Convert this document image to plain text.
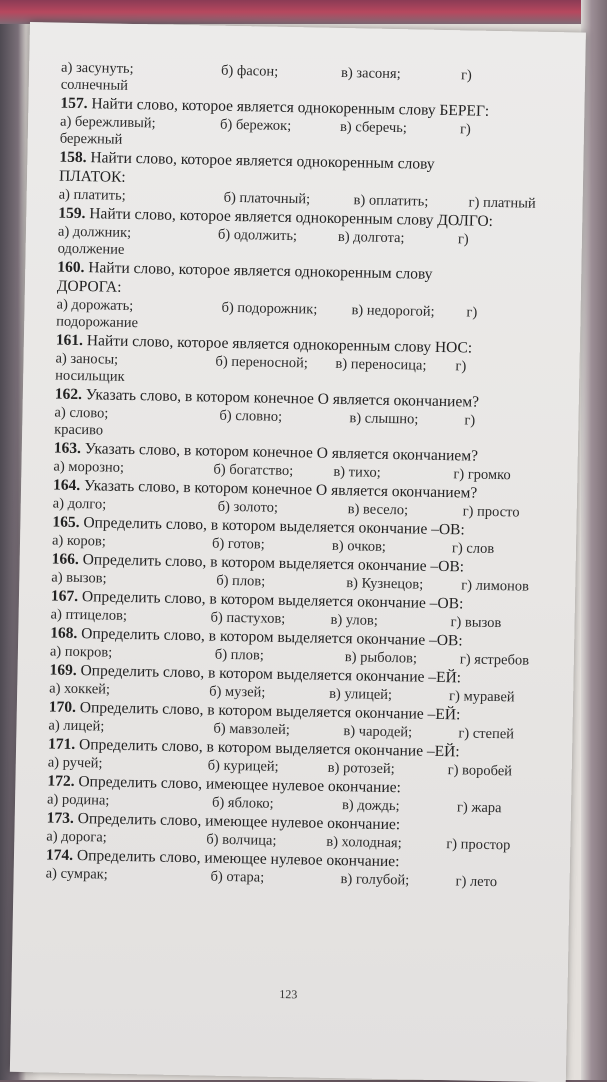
а) засунуть;	б) фасон;	в) засоня;	г)
солнечный
157. Найти слово, которое является однокоренным слову БЕРЕГ:
а) бережливый;	б) бережок;	в) сберечь;	г)
бережный
158. Найти слово, которое является однокоренным слову
ПЛАТОК:
а) платить;	б) платочный;	в) оплатить;	г) платный
159. Найти слово, которое является однокоренным слову ДОЛГО:
а) должник;	б) одолжить;	в) долгота;	г)
одолжение
160. Найти слово, которое является однокоренным слову
ДОРОГА:
а) дорожать;	б) подорожник; в) недорогой; г)
подорожание
161. Найти слово, которое является однокоренным слову НОС:
а) заносы;	б) переносной; в) переносица; г)
носильщик
162. Указать слово, в котором конечное О является окончанием?
а) слово;	б) словно;	в) слышно;	г)
красиво
163. Указать слово, в котором конечное О является окончанием?
а) морозно;	б) богатство;	в) тихо;	г) громко
164. Указать слово, в котором конечное О является окончанием?
а) долго;	б) золото;	в) весело;	г) просто
165. Определить слово, в котором выделяется окончание –ОВ:
а) коров;	б) готов;	в) очков;	г) слов
166. Определить слово, в котором выделяется окончание –ОВ:
а) вызов;	б) плов;	в) Кузнецов;	г) лимонов
167. Определить слово, в котором выделяется окончание –ОВ:
а) птицелов;	б) пастухов;	в) улов;	г) вызов
168. Определить слово, в котором выделяется окончание –ОВ:
а) покров;	б) плов;	в) рыболов;	г) ястребов
169. Определить слово, в котором выделяется окончание –ЕЙ:
а) хоккей;	б) музей;	в) улицей;	г) муравей
170. Определить слово, в котором выделяется окончание –ЕЙ:
а) лицей;	б) мавзолей;	в) чародей;	г) степей
171. Определить слово, в котором выделяется окончание –ЕЙ:
а) ручей;	б) курицей;	в) ротозей;	г) воробей
172. Определить слово, имеющее нулевое окончание:
а) родина;	б) яблоко;	в) дождь;	г) жара
173. Определить слово, имеющее нулевое окончание:
а) дорога;	б) волчица;	в) холодная;	г) простор
174. Определить слово, имеющее нулевое окончание:
а) сумрак;	б) отара;	в) голубой;	г) лето
123
